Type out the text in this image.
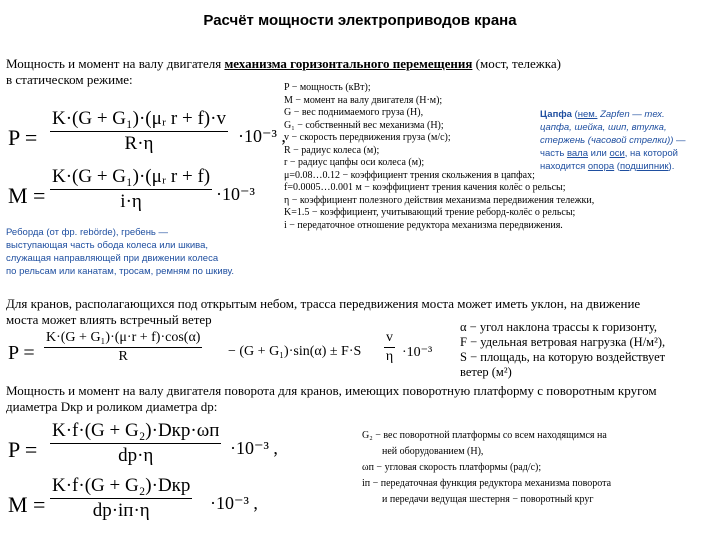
Расчёт мощности электроприводов крана
Мощность и момент на валу двигателя механизма горизонтального перемещения (мост, тележка)
в статическом режиме:
$P = \frac{\text{K·(G + G₁)·(μᵣ r + f)·v}}{R\cdot\eta} \cdot 10^{-3}$ ,
$M = \frac{\text{K·(G + G₁)·(μᵣ r + f)}}{i\cdot\eta} \cdot 10^{-3}$
P − мощность (кВт);
M − момент на валу двигателя (Н·м);
G − вес поднимаемого груза (Н),
G₁ − собственный вес механизма (Н);
v − скорость передвижения груза (м/с);
R − радиус колеса (м);
r − радиус цапфы оси колеса (м);
μ=0.08…0.12 − коэффициент трения скольжения в цапфах;
f=0.0005…0.001 м − коэффициент трения качения колёс о рельсы;
η − коэффициент полезного действия механизма передвижения тележки,
K=1.5 − коэффициент, учитывающий трение реборд-колёс о рельсы;
i − передаточное отношение редуктора механизма передвижения.
Цапфа (нем. Zapfen — тех.
цапфа, шейка, шип, втулка,
стержень (часовой стрелки)) —
часть вала или оси, на которой
находится опора (подшипник).
Реборда (от фр. rebörde), гребень —
выступающая часть обода колеса или шкива,
служащая направляющей при движении колеса
по рельсам или канатам, тросам, ремням по шкиву.
Для кранов, располагающихся под открытым небом, трасса передвижения моста может иметь уклон, на движение
моста может влиять встречный ветер
$P = \frac{\text{K·(G + G₁)·(μ·r + f)·cos(α)}}{R} - (G + G_1)\cdot\sin(\alpha) \pm F\cdot S \frac{v}{\eta} \cdot 10^{-3}$
α − угол наклона трассы к горизонту,
F − удельная ветровая нагрузка (Н/м²),
S − площадь, на которую воздействует
ветер (м²)
Мощность и момент на валу двигателя поворота для кранов, имеющих поворотную платформу с поворотным кругом
диаметра Dкр и роликом диаметра dр:
P =
K·f·(G + G₂)·Dкр·ωп
dр·η	·10⁻³ ,
M =
K·f·(G + G₂)·Dкр
dр·iп·η	·10⁻³ ,
G₂ − вес поворотной платформы со всем находящимся на
ней оборудованием (Н),
ωп − угловая скорость платформы (рад/с);
iп − передаточная функция редуктора механизма поворота
и передачи ведущая шестерня − поворотный круг
